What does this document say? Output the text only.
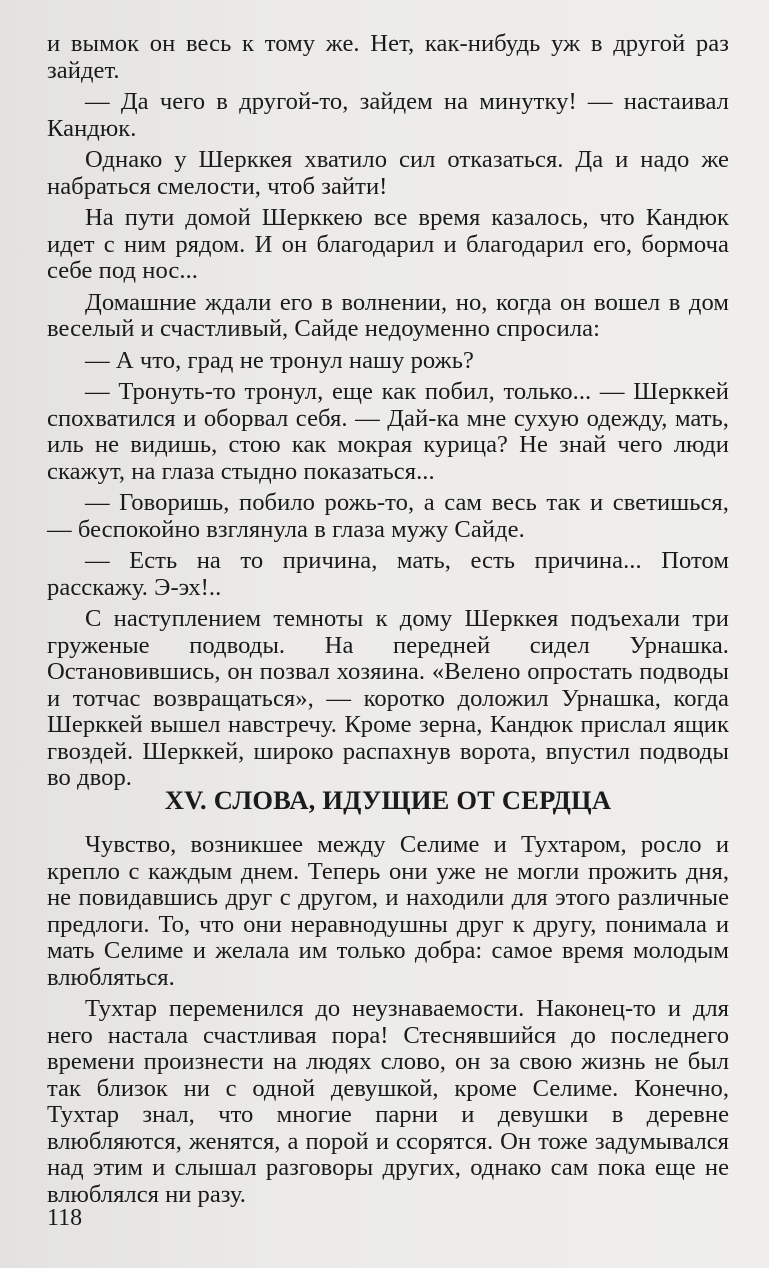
и вымок он весь к тому же. Нет, как-нибудь уж в другой раз зайдет.

— Да чего в другой-то, зайдем на минутку! — настаивал Кандюк.

Однако у Шерккея хватило сил отказаться. Да и надо же набраться смелости, чтоб зайти!

На пути домой Шерккею все время казалось, что Кандюк идет с ним рядом. И он благодарил и благодарил его, бормоча себе под нос...

Домашние ждали его в волнении, но, когда он вошел в дом веселый и счастливый, Сайде недоуменно спросила:

— А что, град не тронул нашу рожь?

— Тронуть-то тронул, еще как побил, только... — Шерккей спохватился и оборвал себя. — Дай-ка мне сухую одежду, мать, иль не видишь, стою как мокрая курица? Не знай чего люди скажут, на глаза стыдно показаться...

— Говоришь, побило рожь-то, а сам весь так и светишься, — беспокойно взглянула в глаза мужу Сайде.

— Есть на то причина, мать, есть причина... Потом расскажу. Э-эх!..

С наступлением темноты к дому Шерккея подъехали три груженые подводы. На передней сидел Урнашка. Остановившись, он позвал хозяина. «Велено опростать подводы и тотчас возвращаться», — коротко доложил Урнашка, когда Шерккей вышел навстречу. Кроме зерна, Кандюк прислал ящик гвоздей. Шерккей, широко распахнув ворота, впустил подводы во двор.

XV. СЛОВА, ИДУЩИЕ ОТ СЕРДЦА

Чувство, возникшее между Селиме и Тухтаром, росло и крепло с каждым днем. Теперь они уже не могли прожить дня, не повидавшись друг с другом, и находили для этого различные предлоги. То, что они неравнодушны друг к другу, понимала и мать Селиме и желала им только добра: самое время молодым влюбляться.

Тухтар переменился до неузнаваемости. Наконец-то и для него настала счастливая пора! Стеснявшийся до последнего времени произнести на людях слово, он за свою жизнь не был так близок ни с одной девушкой, кроме Селиме. Конечно, Тухтар знал, что многие парни и девушки в деревне влюбляются, женятся, а порой и ссорятся. Он тоже задумывался над этим и слышал разговоры других, однако сам пока еще не влюблялся ни разу.

118
